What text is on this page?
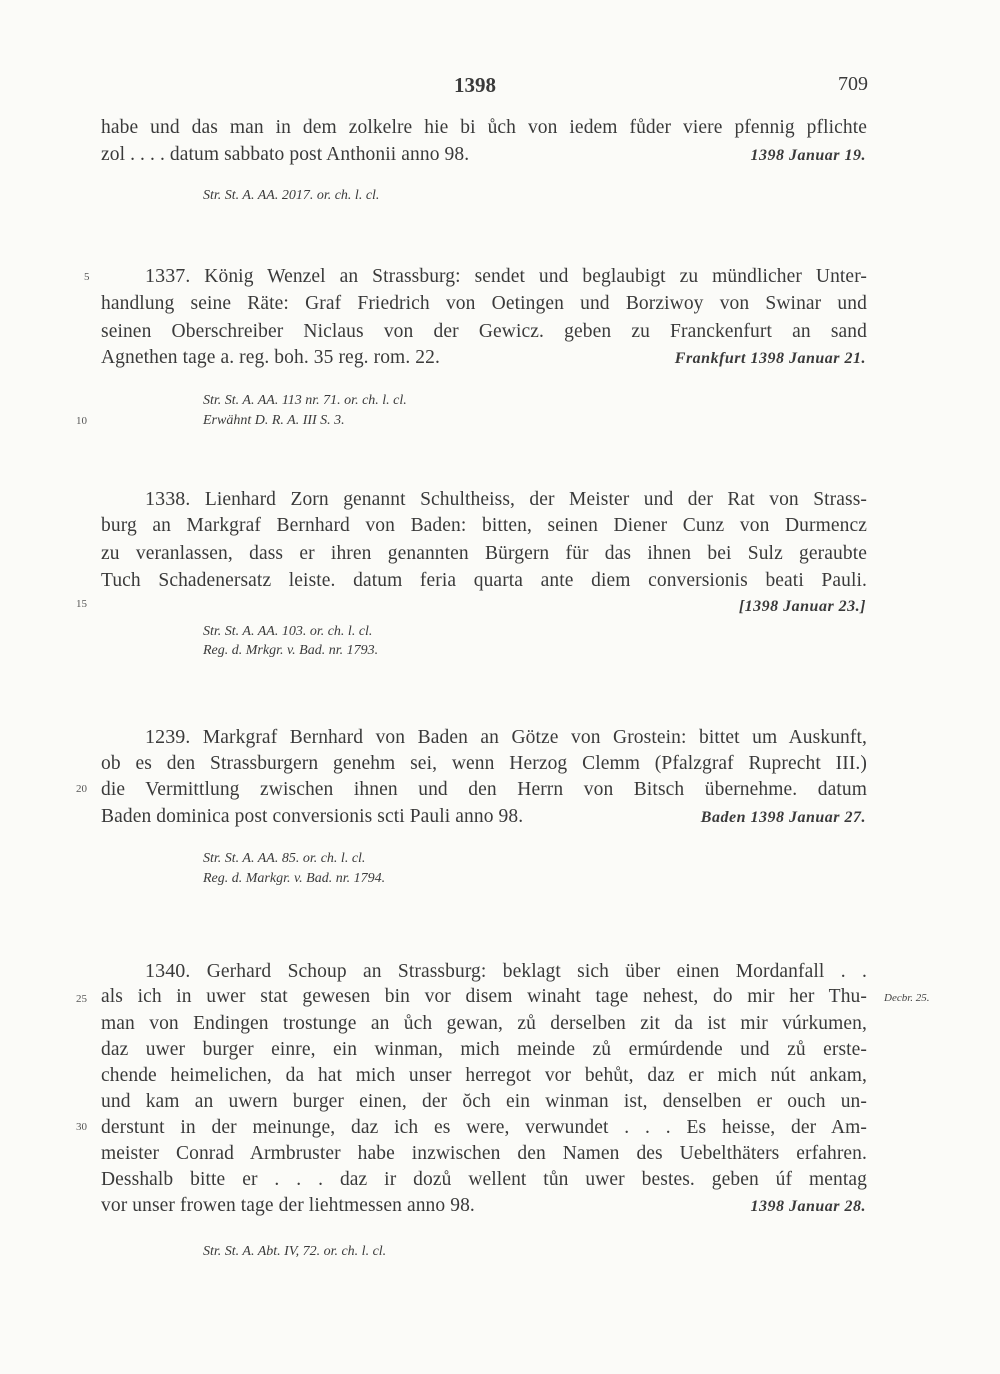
1398	709
habe und das man in dem zolkelre hie bi ůch von iedem fůder viere pfennig pflichte
zol . . . . datum sabbato post Anthonii anno 98.	1398 Januar 19.
Str. St. A. AA. 2017. or. ch. l. cl.
5
10
15
20
25
30
1337. König Wenzel an Strassburg: sendet und beglaubigt zu mündlicher Unter-
handlung seine Räte: Graf Friedrich von Oetingen und Borziwoy von Swinar und
seinen Oberschreiber Niclaus von der Gewicz. geben zu Franckenfurt an sand
Agnethen tage a. reg. boh. 35 reg. rom. 22.	Frankfurt 1398 Januar 21.
Str. St. A. AA. 113 nr. 71. or. ch. l. cl.
Erwähnt D. R. A. III S. 3.
1338. Lienhard Zorn genannt Schultheiss, der Meister und der Rat von Strass-
burg an Markgraf Bernhard von Baden: bitten, seinen Diener Cunz von Durmencz
zu veranlassen, dass er ihren genannten Bürgern für das ihnen bei Sulz geraubte
Tuch Schadenersatz leiste. datum feria quarta ante diem conversionis beati Pauli.
[1398 Januar 23.]
Str. St. A. AA. 103. or. ch. l. cl.
Reg. d. Mrkgr. v. Bad. nr. 1793.
1239. Markgraf Bernhard von Baden an Götze von Grostein: bittet um Auskunft,
ob es den Strassburgern genehm sei, wenn Herzog Clemm (Pfalzgraf Ruprecht III.)
die Vermittlung zwischen ihnen und den Herrn von Bitsch übernehme. datum
Baden dominica post conversionis scti Pauli anno 98.	Baden 1398 Januar 27.
Str. St. A. AA. 85. or. ch. l. cl.
Reg. d. Markgr. v. Bad. nr. 1794.
1340. Gerhard Schoup an Strassburg: beklagt sich über einen Mordanfall . .
als ich in uwer stat gewesen bin vor disem winaht tage nehest, do mir her Thu- Decbr. 25.
man von Endingen trostunge an ůch gewan, zů derselben zit da ist mir vúrkumen,
daz uwer burger einre, ein winman, mich meinde zů ermúrdende und zů erste-
chende heimelichen, da hat mich unser herregot vor behůt, daz er mich nút ankam,
und kam an uwern burger einen, der ŏch ein winman ist, denselben er ouch un-
derstunt in der meinunge, daz ich es were, verwundet . . . Es heisse, der Am-
meister Conrad Armbruster habe inzwischen den Namen des Uebelthäters erfahren.
Desshalb bitte er . . . daz ir dozů wellent tůn uwer bestes. geben úf mentag
vor unser frowen tage der liehtmessen anno 98.	1398 Januar 28.
Str. St. A. Abt. IV, 72. or. ch. l. cl.
